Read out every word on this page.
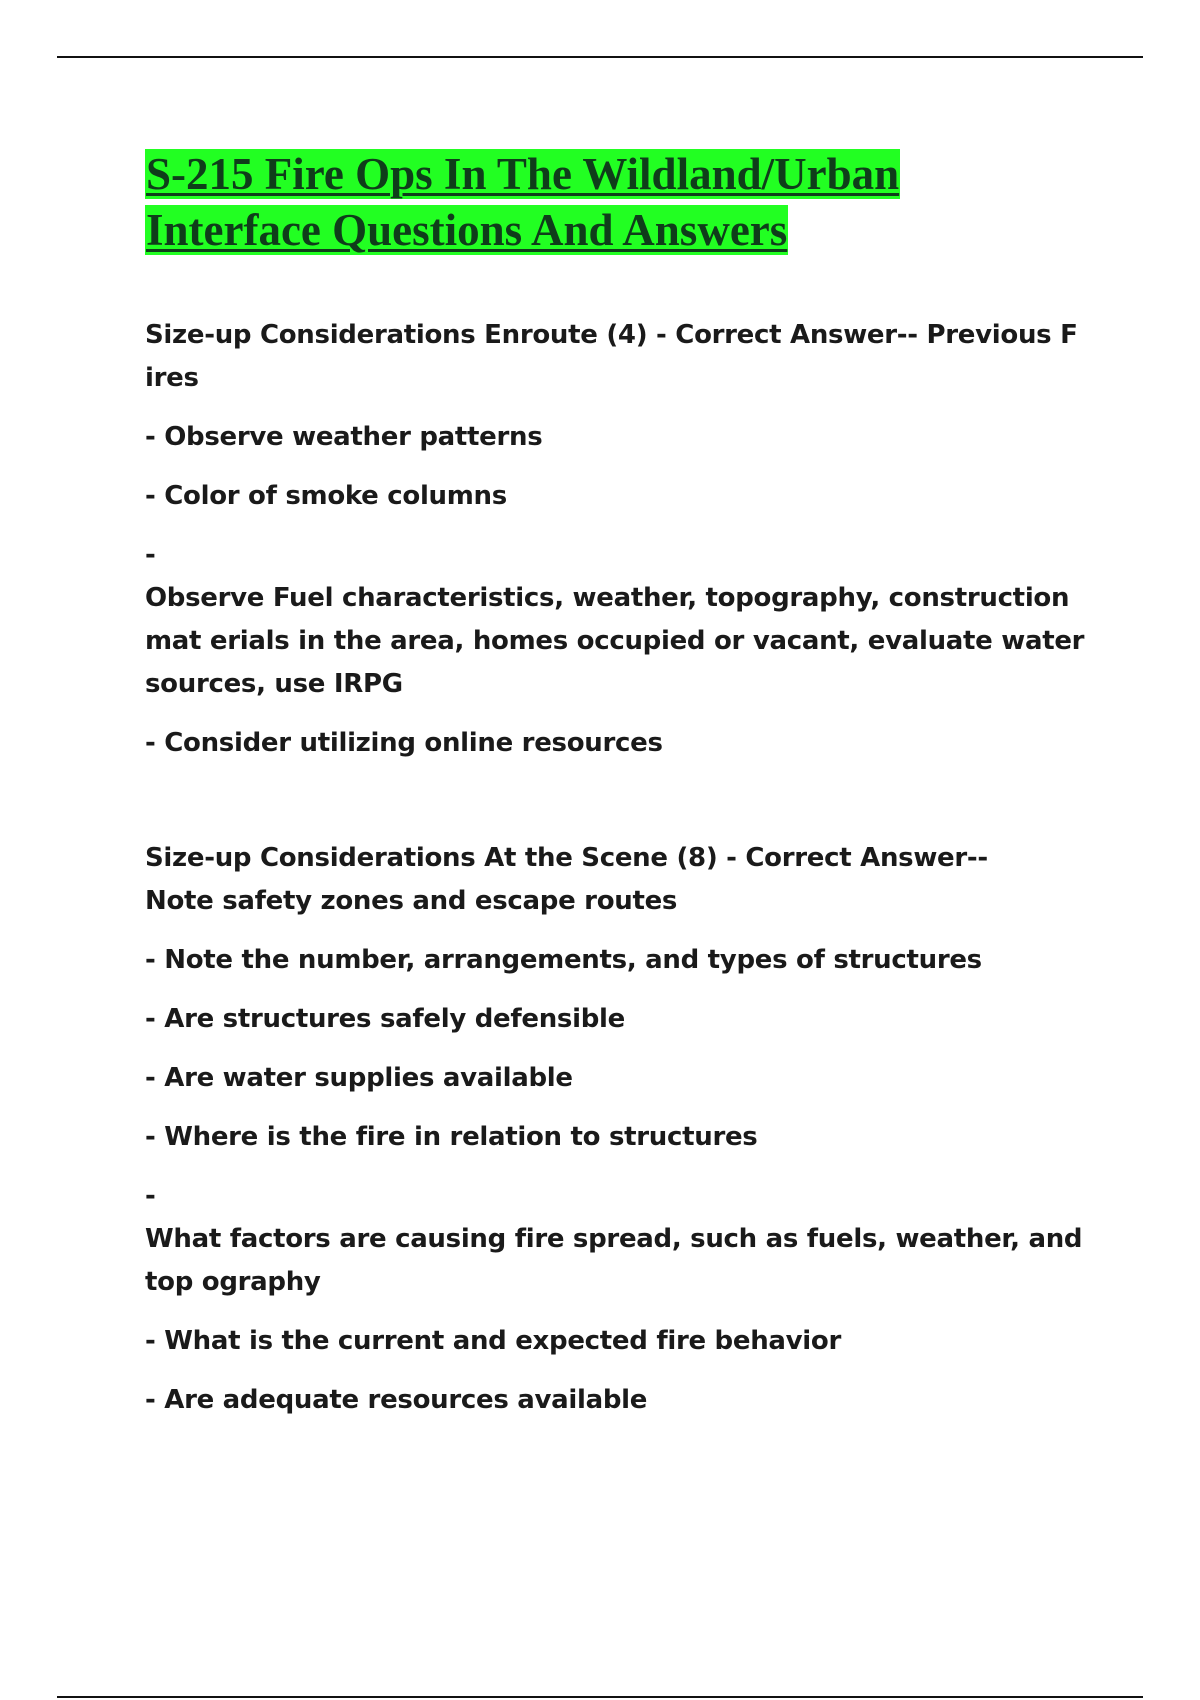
S-215 Fire Ops In The Wildland/Urban
Interface Questions And Answers

Size-up Considerations Enroute (4) - Correct Answer-- Previous Fires

- Observe weather patterns

- Color of smoke columns

-

Observe Fuel characteristics, weather, topography, construction mat erials in the area, homes occupied or vacant, evaluate water sources, use IRPG

- Consider utilizing online resources

Size-up Considerations At the Scene (8) - Correct Answer--
Note safety zones and escape routes

- Note the number, arrangements, and types of structures

- Are structures safely defensible

- Are water supplies available

- Where is the fire in relation to structures

-

What factors are causing fire spread, such as fuels, weather, and top ography

- What is the current and expected fire behavior

- Are adequate resources available
